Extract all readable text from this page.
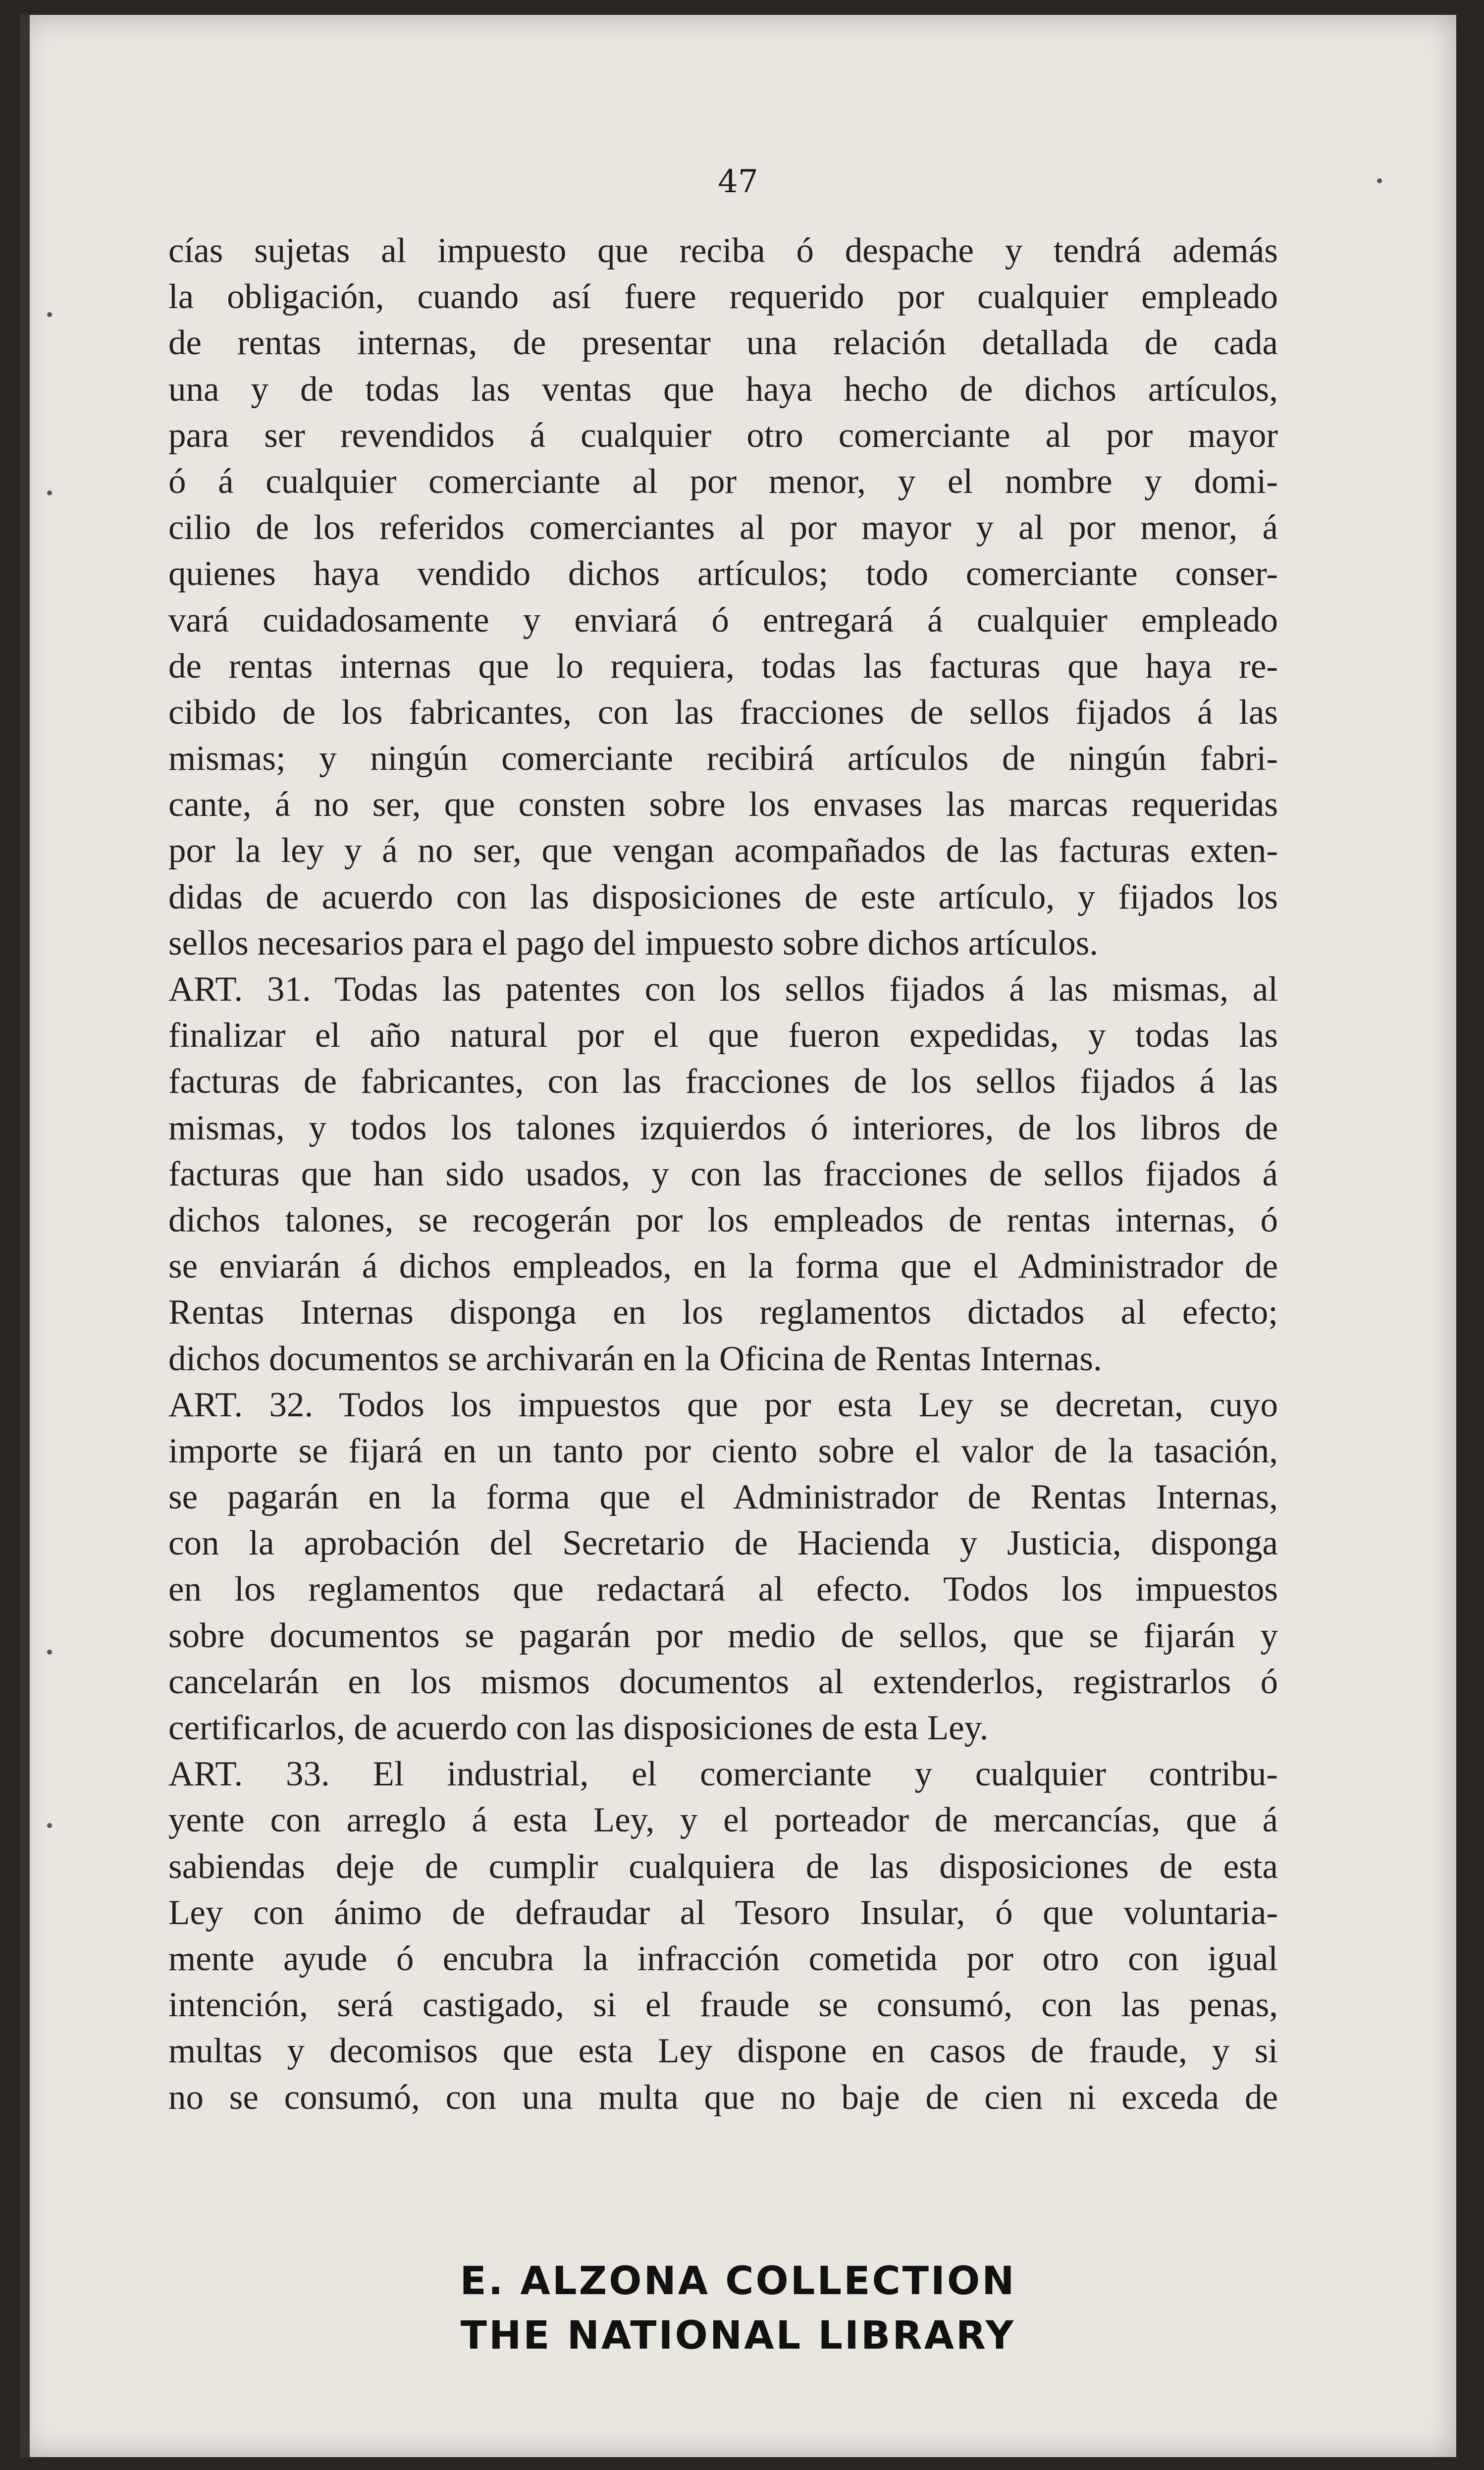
47
cías sujetas al impuesto que reciba ó despache y tendrá además
la obligación, cuando así fuere requerido por cualquier empleado
de rentas internas, de presentar una relación detallada de cada
una y de todas las ventas que haya hecho de dichos artículos,
para ser revendidos á cualquier otro comerciante al por mayor
ó á cualquier comerciante al por menor, y el nombre y domi-
cilio de los referidos comerciantes al por mayor y al por menor, á
quienes haya vendido dichos artículos; todo comerciante conser-
vará cuidadosamente y enviará ó entregará á cualquier empleado
de rentas internas que lo requiera, todas las facturas que haya re-
cibido de los fabricantes, con las fracciones de sellos fijados á las
mismas; y ningún comerciante recibirá artículos de ningún fabri-
cante, á no ser, que consten sobre los envases las marcas requeridas
por la ley y á no ser, que vengan acompañados de las facturas exten-
didas de acuerdo con las disposiciones de este artículo, y fijados los
sellos necesarios para el pago del impuesto sobre dichos artículos.
ART. 31. Todas las patentes con los sellos fijados á las mismas, al
finalizar el año natural por el que fueron expedidas, y todas las
facturas de fabricantes, con las fracciones de los sellos fijados á las
mismas, y todos los talones izquierdos ó interiores, de los libros de
facturas que han sido usados, y con las fracciones de sellos fijados á
dichos talones, se recogerán por los empleados de rentas internas, ó
se enviarán á dichos empleados, en la forma que el Administrador de
Rentas Internas disponga en los reglamentos dictados al efecto;
dichos documentos se archivarán en la Oficina de Rentas Internas.
ART. 32. Todos los impuestos que por esta Ley se decretan, cuyo
importe se fijará en un tanto por ciento sobre el valor de la tasación,
se pagarán en la forma que el Administrador de Rentas Internas,
con la aprobación del Secretario de Hacienda y Justicia, disponga
en los reglamentos que redactará al efecto. Todos los impuestos
sobre documentos se pagarán por medio de sellos, que se fijarán y
cancelarán en los mismos documentos al extenderlos, registrarlos ó
certificarlos, de acuerdo con las disposiciones de esta Ley.
ART. 33. El industrial, el comerciante y cualquier contribu-
yente con arreglo á esta Ley, y el porteador de mercancías, que á
sabiendas deje de cumplir cualquiera de las disposiciones de esta
Ley con ánimo de defraudar al Tesoro Insular, ó que voluntaria-
mente ayude ó encubra la infracción cometida por otro con igual
intención, será castigado, si el fraude se consumó, con las penas,
multas y decomisos que esta Ley dispone en casos de fraude, y si
no se consumó, con una multa que no baje de cien ni exceda de
E. ALZONA COLLECTION
THE NATIONAL LIBRARY
